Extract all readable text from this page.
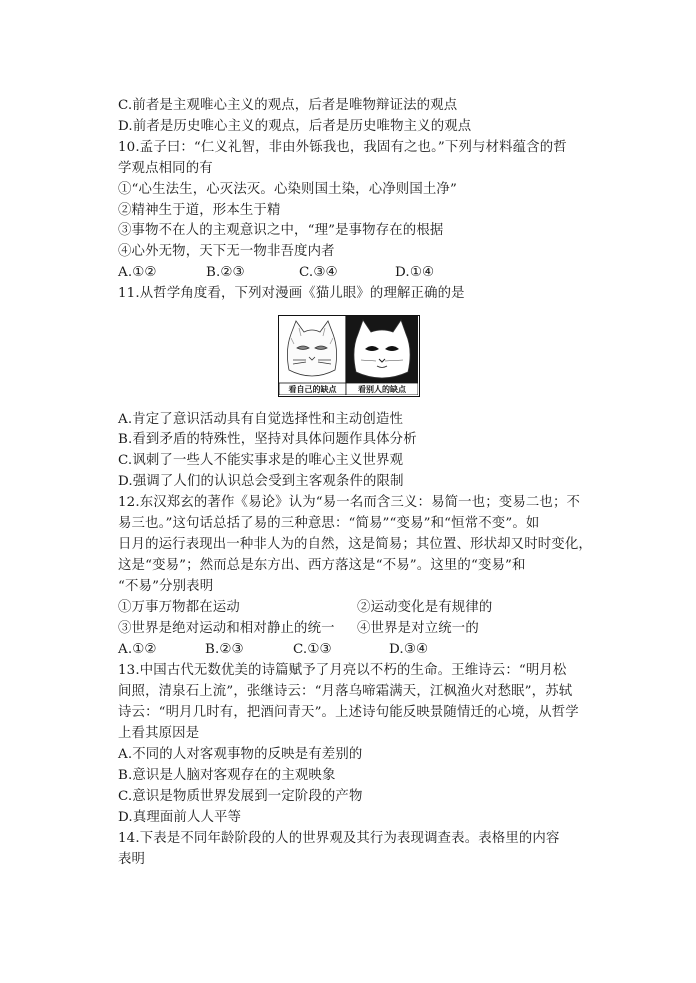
C.前者是主观唯心主义的观点，后者是唯物辩证法的观点
D.前者是历史唯心主义的观点，后者是历史唯物主义的观点
10.孟子曰：“仁义礼智，非由外铄我也，我固有之也。”下列与材料蕴含的哲
学观点相同的有
①“心生法生，心灭法灭。心染则国土染，心净则国土净”
②精神生于道，形本生于精
③事物不在人的主观意识之中，“理”是事物存在的根据
④心外无物，天下无一物非吾度内者
A.①②	B.②③	C.③④	D.①④
11.从哲学角度看，下列对漫画《猫儿眼》的理解正确的是
看自己的缺点	看别人的缺点
A.肯定了意识活动具有自觉选择性和主动创造性
B.看到矛盾的特殊性，坚持对具体问题作具体分析
C.讽刺了一些人不能实事求是的唯心主义世界观
D.强调了人们的认识总会受到主客观条件的限制
12.东汉郑玄的著作《易论》认为“易一名而含三义：易简一也；变易二也；不
易三也。”这句话总括了易的三种意思：“简易”“变易”和“恒常不变”。如
日月的运行表现出一种非人为的自然，这是简易；其位置、形状却又时时变化，
这是“变易”；然而总是东方出、西方落这是“不易”。这里的“变易”和
“不易”分别表明
①万事万物都在运动	②运动变化是有规律的
③世界是绝对运动和相对静止的统一 ④世界是对立统一的
A.①②	B.②③	C.①③	D.③④
13.中国古代无数优美的诗篇赋予了月亮以不朽的生命。王维诗云：“明月松
间照，清泉石上流”，张继诗云：“月落乌啼霜满天，江枫渔火对愁眠”，苏轼
诗云：“明月几时有，把酒问青天”。上述诗句能反映景随情迁的心境，从哲学
上看其原因是
A.不同的人对客观事物的反映是有差别的
B.意识是人脑对客观存在的主观映象
C.意识是物质世界发展到一定阶段的产物
D.真理面前人人平等
14.下表是不同年龄阶段的人的世界观及其行为表现调查表。表格里的内容
表明
